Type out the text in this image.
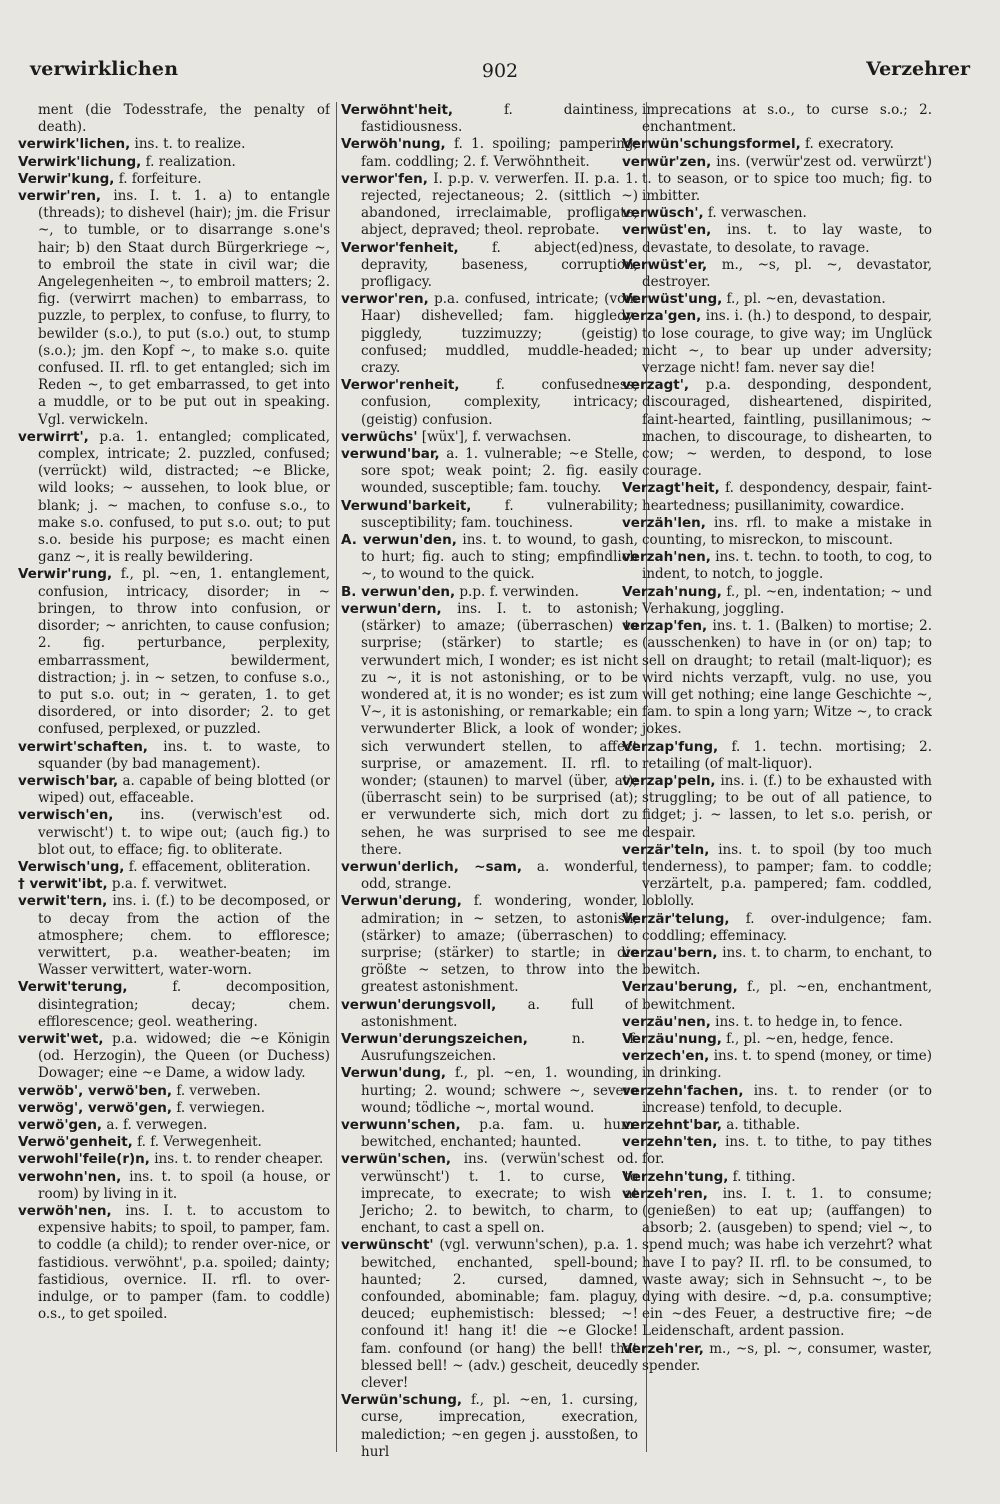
verwirklichen	902	Verzehrer

ment (die Todesstrafe, the penalty of death).

verwirk'lichen, ins. t. to realize.

Verwirk'lichung, f. realization.

Verwir'kung, f. forfeiture.

verwir'ren, ins. I. t. 1. a) to entangle (threads); to dishevel (hair); jm. die Frisur ~, to tumble, or to disarrange s.one's hair; b) den Staat durch Bürgerkriege ~, to embroil the state in civil war; die Angelegenheiten ~, to embroil matters; 2. fig. (verwirrt machen) to embarrass, to puzzle, to perplex, to confuse, to flurry, to bewilder (s.o.), to put (s.o.) out, to stump (s.o.); jm. den Kopf ~, to make s.o. quite confused. II. rfl. to get entangled; sich im Reden ~, to get embarrassed, to get into a muddle, or to be put out in speaking. Vgl. verwickeln.

verwirrt', p.a. 1. entangled; complicated, complex, intricate; 2. puzzled, confused; (verrückt) wild, distracted; ~e Blicke, wild looks; ~ aussehen, to look blue, or blank; j. ~ machen, to confuse s.o., to make s.o. confused, to put s.o. out; to put s.o. beside his purpose; es macht einen ganz ~, it is really bewildering.

Verwir'rung, f., pl. ~en, 1. entanglement, confusion, intricacy, disorder; in ~ bringen, to throw into confusion, or disorder; ~ anrichten, to cause confusion; 2. fig. perturbance, perplexity, embarrassment, bewilderment, distraction; j. in ~ setzen, to confuse s.o., to put s.o. out; in ~ geraten, 1. to get disordered, or into disorder; 2. to get confused, perplexed, or puzzled.

verwirt'schaften, ins. t. to waste, to squander (by bad management).

verwisch'bar, a. capable of being blotted (or wiped) out, effaceable.

verwisch'en, ins. (verwisch'est od. verwischt') t. to wipe out; (auch fig.) to blot out, to efface; fig. to obliterate.

Verwisch'ung, f. effacement, obliteration.

† verwit'ibt, p.a. f. verwitwet.

verwit'tern, ins. i. (f.) to be decomposed, or to decay from the action of the atmosphere; chem. to effloresce; verwittert, p.a. weather-beaten; im Wasser verwittert, water-worn.

Verwit'terung, f. decomposition, disintegration; decay; chem. efflorescence; geol. weathering.

verwit'wet, p.a. widowed; die ~e Königin (od. Herzogin), the Queen (or Duchess) Dowager; eine ~e Dame, a widow lady.

verwöb', verwö'ben, f. verweben.

verwög', verwö'gen, f. verwiegen.

verwö'gen, a. f. verwegen.

Verwö'genheit, f. f. Verwegenheit.

verwohl'feile(r)n, ins. t. to render cheaper.

verwohn'nen, ins. t. to spoil (a house, or room) by living in it.

verwöh'nen, ins. I. t. to accustom to expensive habits; to spoil, to pamper, fam. to coddle (a child); to render over-nice, or fastidious. verwöhnt', p.a. spoiled; dainty; fastidious, overnice. II. rfl. to over-indulge, or to pamper (fam. to coddle) o.s., to get spoiled.

Verwöhnt'heit, f. daintiness, fastidiousness.

Verwöh'nung, f. 1. spoiling; pampering; fam. coddling; 2. f. Verwöhntheit.

verwor'fen, I. p.p. v. verwerfen. II. p.a. 1. rejected, rejectaneous; 2. (sittlich ~) abandoned, irreclaimable, profligate, abject, depraved; theol. reprobate.

Verwor'fenheit, f. abject(ed)ness, depravity, baseness, corruption, profligacy.

verwor'ren, p.a. confused, intricate; (vom Haar) dishevelled; fam. higgledy-piggledy, tuzzimuzzy; (geistig) confused; muddled, muddle-headed; crazy.

Verwor'renheit, f. confusedness, confusion, complexity, intricacy; (geistig) confusion.

verwüchs' [wüx'], f. verwachsen.

verwund'bar, a. 1. vulnerable; ~e Stelle, sore spot; weak point; 2. fig. easily wounded, susceptible; fam. touchy.

Verwund'barkeit, f. vulnerability; susceptibility; fam. touchiness.

A. verwun'den, ins. t. to wound, to gash, to hurt; fig. auch to sting; empfindlich ~, to wound to the quick.

B. verwun'den, p.p. f. verwinden.

verwun'dern, ins. I. t. to astonish; (stärker) to amaze; (überraschen) to surprise; (stärker) to startle; es verwundert mich, I wonder; es ist nicht zu ~, it is not astonishing, or to be wondered at, it is no wonder; es ist zum V~, it is astonishing, or remarkable; ein verwunderter Blick, a look of wonder; sich verwundert stellen, to affect surprise, or amazement. II. rfl. to wonder; (staunen) to marvel (über, at); (überrascht sein) to be surprised (at); er verwunderte sich, mich dort zu sehen, he was surprised to see me there.

verwun'derlich, ~sam, a. wonderful, odd, strange.

Verwun'derung, f. wondering, wonder, admiration; in ~ setzen, to astonish; (stärker) to amaze; (überraschen) to surprise; (stärker) to startle; in die größte ~ setzen, to throw into the greatest astonishment.

verwun'derungsvoll, a. full of astonishment.

Verwun'derungszeichen, n. f. Ausrufungszeichen.

Verwun'dung, f., pl. ~en, 1. wounding, hurting; 2. wound; schwere ~, severe wound; tödliche ~, mortal wound.

verwunn'schen, p.a. fam. u. hum. bewitched, enchanted; haunted.

verwün'schen, ins. (verwün'schest od. verwünscht') t. 1. to curse, to imprecate, to execrate; to wish at Jericho; 2. to bewitch, to charm, to enchant, to cast a spell on.

verwünscht' (vgl. verwunn'schen), p.a. 1. bewitched, enchanted, spell-bound; haunted; 2. cursed, damned, confounded, abominable; fam. plaguy, deuced; euphemistisch: blessed; ~! confound it! hang it! die ~e Glocke! fam. confound (or hang) the bell! that blessed bell! ~ (adv.) gescheit, deucedly clever!

Verwün'schung, f., pl. ~en, 1. cursing, curse, imprecation, execration, malediction; ~en gegen j. ausstoßen, to hurl

imprecations at s.o., to curse s.o.; 2. enchantment.

Verwün'schungsformel, f. execratory.

verwür'zen, ins. (verwür'zest od. verwürzt') t. to season, or to spice too much; fig. to imbitter.

verwüsch', f. verwaschen.

verwüst'en, ins. t. to lay waste, to devastate, to desolate, to ravage.

Verwüst'er, m., ~s, pl. ~, devastator, destroyer.

Verwüst'ung, f., pl. ~en, devastation.

verza'gen, ins. i. (h.) to despond, to despair, to lose courage, to give way; im Unglück nicht ~, to bear up under adversity; verzage nicht! fam. never say die!

verzagt', p.a. desponding, despondent, discouraged, disheartened, dispirited, faint-hearted, faintling, pusillanimous; ~ machen, to discourage, to dishearten, to cow; ~ werden, to despond, to lose courage.

Verzagt'heit, f. despondency, despair, faint-heartedness; pusillanimity, cowardice.

verzäh'len, ins. rfl. to make a mistake in counting, to misreckon, to miscount.

verzah'nen, ins. t. techn. to tooth, to cog, to indent, to notch, to joggle.

Verzah'nung, f., pl. ~en, indentation; ~ und Verhakung, joggling.

verzap'fen, ins. t. 1. (Balken) to mortise; 2. (ausschenken) to have in (or on) tap; to sell on draught; to retail (malt-liquor); es wird nichts verzapft, vulg. no use, you will get nothing; eine lange Geschichte ~, fam. to spin a long yarn; Witze ~, to crack jokes.

Verzap'fung, f. 1. techn. mortising; 2. retailing (of malt-liquor).

verzap'peln, ins. i. (f.) to be exhausted with struggling; to be out of all patience, to fidget; j. ~ lassen, to let s.o. perish, or despair.

verzär'teln, ins. t. to spoil (by too much tenderness), to pamper; fam. to coddle; verzärtelt, p.a. pampered; fam. coddled, loblolly.

Verzär'telung, f. over-indulgence; fam. coddling; effeminacy.

verzau'bern, ins. t. to charm, to enchant, to bewitch.

Verzau'berung, f., pl. ~en, enchantment, bewitchment.

verzäu'nen, ins. t. to hedge in, to fence.

Verzäu'nung, f., pl. ~en, hedge, fence.

verzech'en, ins. t. to spend (money, or time) in drinking.

verzehn'fachen, ins. t. to render (or to increase) tenfold, to decuple.

verzehnt'bar, a. tithable.

verzehn'ten, ins. t. to tithe, to pay tithes for.

Verzehn'tung, f. tithing.

verzeh'ren, ins. I. t. 1. to consume; (genießen) to eat up; (auffangen) to absorb; 2. (ausgeben) to spend; viel ~, to spend much; was habe ich verzehrt? what have I to pay? II. rfl. to be consumed, to waste away; sich in Sehnsucht ~, to be dying with desire. ~d, p.a. consumptive; ein ~des Feuer, a destructive fire; ~de Leidenschaft, ardent passion.

Verzeh'rer, m., ~s, pl. ~, consumer, waster, spender.
